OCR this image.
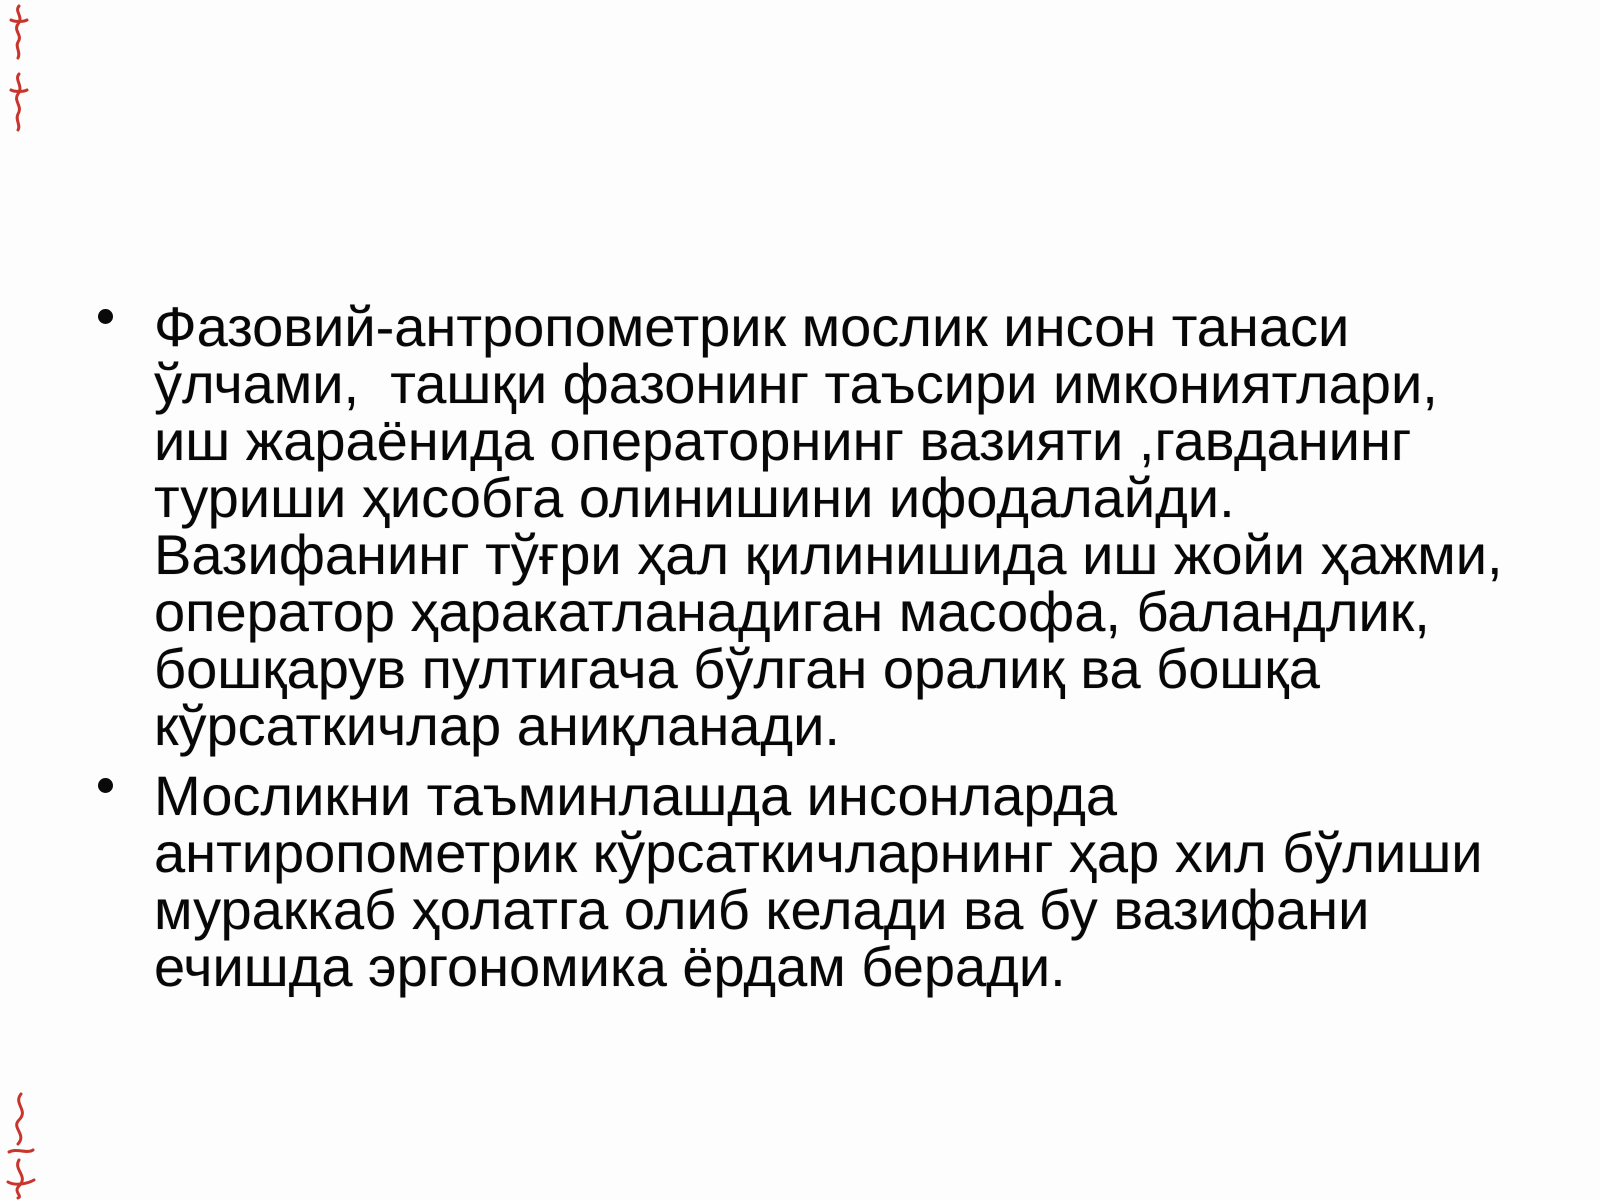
Фазовий-антропометрик мослик инсон танаси
ўлчами,  ташқи фазонинг таъсири имкониятлари,
иш жараёнида операторнинг вазияти ,гавданинг
туриши ҳисобга олинишини ифодалайди.
Вазифанинг тўғри ҳал қилинишида иш жойи ҳажми,
оператор ҳаракатланадиган масофа, баландлик,
бошқарув пултигача бўлган оралиқ ва бошқа
кўрсаткичлар аниқланади.
Мосликни таъминлашда инсонларда
антиропометрик кўрсаткичларнинг ҳар хил бўлиши
мураккаб ҳолатга олиб келади ва бу вазифани
ечишда эргономика ёрдам беради.
